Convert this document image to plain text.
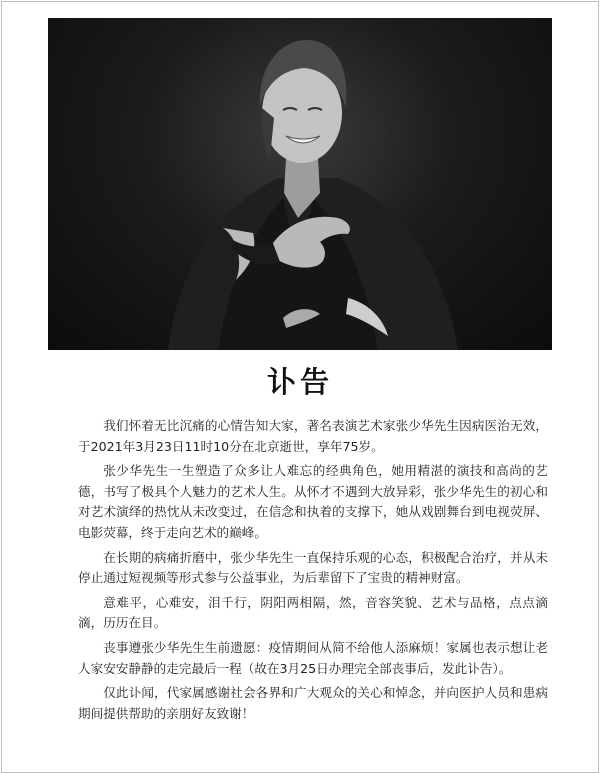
讣告

我们怀着无比沉痛的心情告知大家，著名表演艺术家张少华先生因病医治无效，于2021年3月23日11时10分在北京逝世，享年75岁。

张少华先生一生塑造了众多让人难忘的经典角色，她用精湛的演技和高尚的艺德，书写了极具个人魅力的艺术人生。从怀才不遇到大放异彩，张少华先生的初心和对艺术演绎的热忱从未改变过，在信念和执着的支撑下，她从戏剧舞台到电视荧屏、电影荧幕，终于走向艺术的巅峰。

在长期的病痛折磨中，张少华先生一直保持乐观的心态，积极配合治疗，并从未停止通过短视频等形式参与公益事业，为后辈留下了宝贵的精神财富。

意难平，心难安，泪千行，阴阳两相隔，然，音容笑貌、艺术与品格，点点滴滴，历历在目。

丧事遵张少华先生生前遗愿：疫情期间从简不给他人添麻烦！家属也表示想让老人家安安静静的走完最后一程（故在3月25日办理完全部丧事后，发此讣告）。

仅此讣闻，代家属感谢社会各界和广大观众的关心和悼念，并向医护人员和患病期间提供帮助的亲朋好友致谢！
